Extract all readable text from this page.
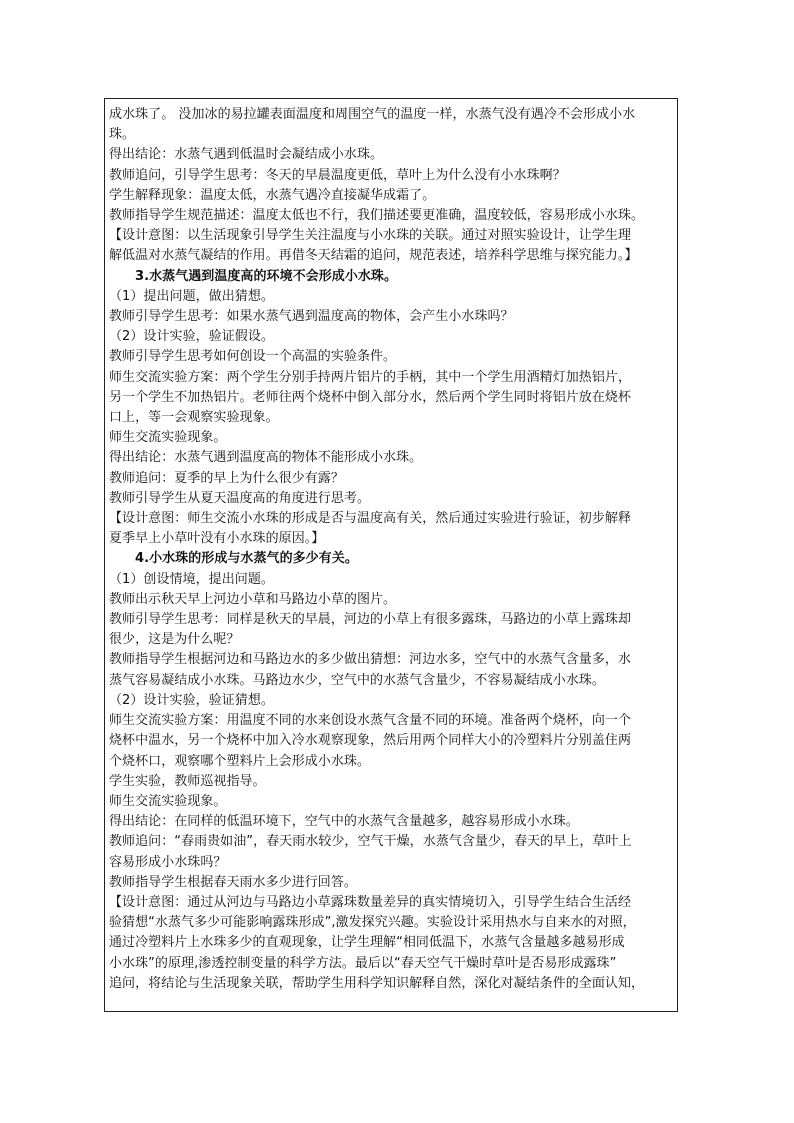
成水珠了。 没加冰的易拉罐表面温度和周围空气的温度一样，水蒸气没有遇冷不会形成小水
珠。
得出结论：水蒸气遇到低温时会凝结成小水珠。
教师追问，引导学生思考：冬天的早晨温度更低，草叶上为什么没有小水珠啊？
学生解释现象：温度太低，水蒸气遇冷直接凝华成霜了。
教师指导学生规范描述：温度太低也不行，我们描述要更准确，温度较低，容易形成小水珠。
【设计意图：以生活现象引导学生关注温度与小水珠的关联。通过对照实验设计，让学生理
解低温对水蒸气凝结的作用。再借冬天结霜的追问，规范表述，培养科学思维与探究能力。】
3.水蒸气遇到温度高的环境不会形成小水珠。
（1）提出问题，做出猜想。
教师引导学生思考：如果水蒸气遇到温度高的物体，会产生小水珠吗？
（2）设计实验，验证假设。
教师引导学生思考如何创设一个高温的实验条件。
师生交流实验方案：两个学生分别手持两片铝片的手柄，其中一个学生用酒精灯加热铝片，
另一个学生不加热铝片。老师往两个烧杯中倒入部分水，然后两个学生同时将铝片放在烧杯
口上，等一会观察实验现象。
师生交流实验现象。
得出结论：水蒸气遇到温度高的物体不能形成小水珠。
教师追问：夏季的早上为什么很少有露？
教师引导学生从夏天温度高的角度进行思考。
【设计意图：师生交流小水珠的形成是否与温度高有关，然后通过实验进行验证，初步解释
夏季早上小草叶没有小水珠的原因。】
4.小水珠的形成与水蒸气的多少有关。
（1）创设情境，提出问题。
教师出示秋天早上河边小草和马路边小草的图片。
教师引导学生思考：同样是秋天的早晨，河边的小草上有很多露珠，马路边的小草上露珠却
很少，这是为什么呢？
教师指导学生根据河边和马路边水的多少做出猜想：河边水多，空气中的水蒸气含量多，水
蒸气容易凝结成小水珠。马路边水少，空气中的水蒸气含量少，不容易凝结成小水珠。
（2）设计实验，验证猜想。
师生交流实验方案：用温度不同的水来创设水蒸气含量不同的环境。准备两个烧杯，向一个
烧杯中温水，另一个烧杯中加入冷水观察现象，然后用两个同样大小的冷塑料片分别盖住两
个烧杯口，观察哪个塑料片上会形成小水珠。
学生实验，教师巡视指导。
师生交流实验现象。
得出结论：在同样的低温环境下，空气中的水蒸气含量越多，越容易形成小水珠。
教师追问：“春雨贵如油”，春天雨水较少，空气干燥，水蒸气含量少，春天的早上，草叶上
容易形成小水珠吗？
教师指导学生根据春天雨水多少进行回答。
【设计意图：通过从河边与马路边小草露珠数量差异的真实情境切入，引导学生结合生活经
验猜想“水蒸气多少可能影响露珠形成”,激发探究兴趣。实验设计采用热水与自来水的对照，
通过冷塑料片上水珠多少的直观现象，让学生理解“相同低温下，水蒸气含量越多越易形成
小水珠”的原理,渗透控制变量的科学方法。最后以“春天空气干燥时草叶是否易形成露珠”
追问，将结论与生活现象关联，帮助学生用科学知识解释自然，深化对凝结条件的全面认知，
